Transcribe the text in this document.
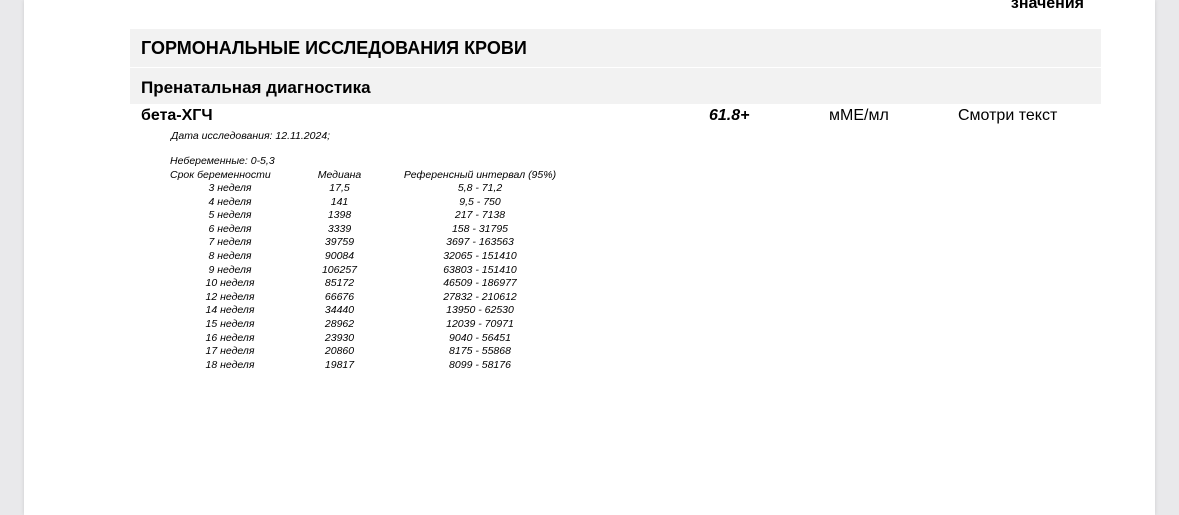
значения
ГОРМОНАЛЬНЫЕ ИССЛЕДОВАНИЯ КРОВИ
Пренатальная диагностика
бета-ХГЧ	61.8+	мМЕ/мл	Смотри текст
Дата исследования: 12.11.2024;
Небеременные: 0-5,3
Срок беременности	Медиана	Референсный интервал (95%)
3 неделя	17,5	5,8 - 71,2
4 неделя	141	9,5 - 750
5 неделя	1398	217 - 7138
6 неделя	3339	158 - 31795
7 неделя	39759	3697 - 163563
8 неделя	90084	32065 - 151410
9 неделя	106257	63803 - 151410
10 неделя	85172	46509 - 186977
12 неделя	66676	27832 - 210612
14 неделя	34440	13950 - 62530
15 неделя	28962	12039 - 70971
16 неделя	23930	9040 - 56451
17 неделя	20860	8175 - 55868
18 неделя	19817	8099 - 58176
